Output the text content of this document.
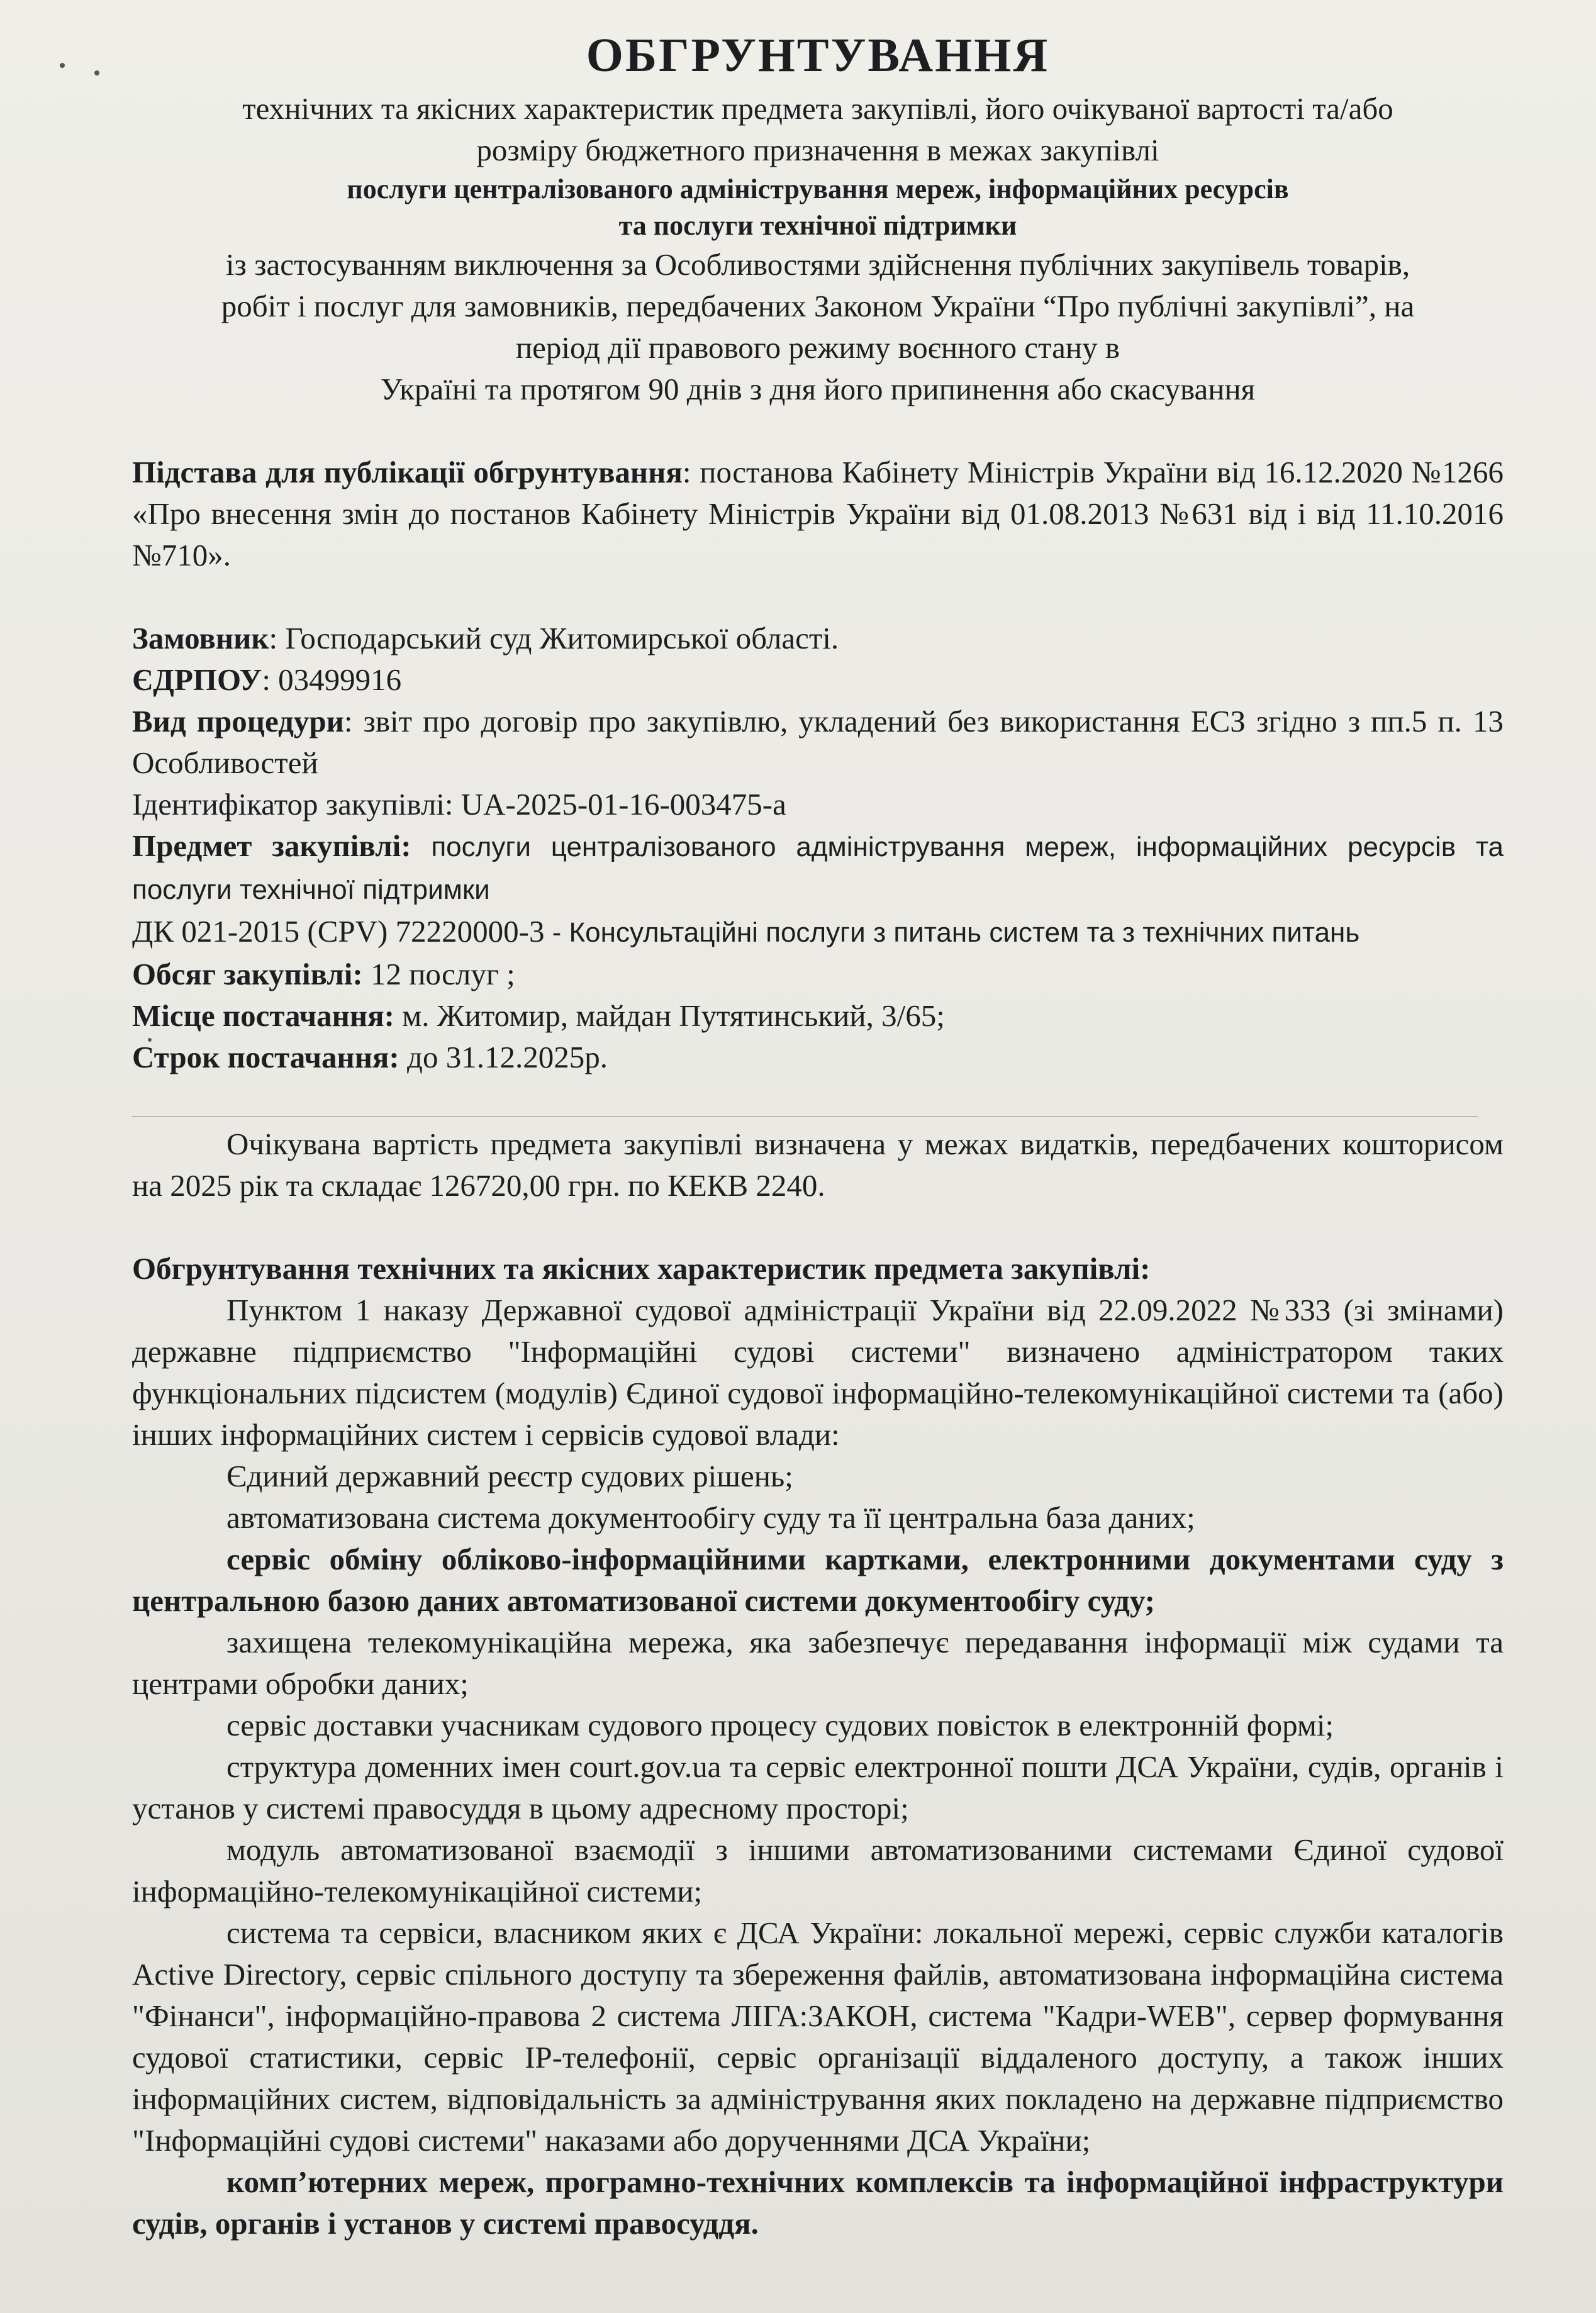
ОБГРУНТУВАННЯ

технічних та якісних характеристик предмета закупівлі, його очікуваної вартості та/або

розміру бюджетного призначення в межах закупівлі

послуги централізованого адміністрування мереж, інформаційних ресурсів

та послуги технічної підтримки

із застосуванням виключення за Особливостями здійснення публічних закупівель товарів,

робіт і послуг для замовників, передбачених Законом України “Про публічні закупівлі”, на

період дії правового режиму воєнного стану в

Україні та протягом 90 днів з дня його припинення або скасування

Підстава для публікації обгрунтування: постанова Кабінету Міністрів України від 16.12.2020 №1266 «Про внесення змін до постанов Кабінету Міністрів України від 01.08.2013 №631 від і від 11.10.2016 №710».

Замовник: Господарський суд Житомирської області.

ЄДРПОУ: 03499916

Вид процедури: звіт про договір про закупівлю, укладений без використання ЕСЗ згідно з пп.5 п. 13 Особливостей

Ідентифікатор закупівлі: UA-2025-01-16-003475-a

Предмет закупівлі: послуги централізованого адміністрування мереж, інформаційних ресурсів та послуги технічної підтримки

ДК 021-2015 (CPV) 72220000-3 - Консультаційні послуги з питань систем та з технічних питань

Обсяг закупівлі: 12 послуг ;

Місце постачання: м. Житомир, майдан Путятинський, 3/65;

Строк постачання: до 31.12.2025р.

Очікувана вартість предмета закупівлі визначена у межах видатків, передбачених кошторисом на 2025 рік та складає 126720,00 грн. по КЕКВ 2240.

Обгрунтування технічних та якісних характеристик предмета закупівлі:

Пунктом 1 наказу Державної судової адміністрації України від 22.09.2022 №333 (зі змінами) державне підприємство "Інформаційні судові системи" визначено адміністратором таких функціональних підсистем (модулів) Єдиної судової інформаційно-телекомунікаційної системи та (або) інших інформаційних систем і сервісів судової влади:

Єдиний державний реєстр судових рішень;

автоматизована система документообігу суду та її центральна база даних;

сервіс обміну обліково-інформаційними картками, електронними документами суду з центральною базою даних автоматизованої системи документообігу суду;

захищена телекомунікаційна мережа, яка забезпечує передавання інформації між судами та центрами обробки даних;

сервіс доставки учасникам судового процесу судових повісток в електронній формі;

структура доменних імен court.gov.ua та сервіс електронної пошти ДСА України, судів, органів і установ у системі правосуддя в цьому адресному просторі;

модуль автоматизованої взаємодії з іншими автоматизованими системами Єдиної судової інформаційно-телекомунікаційної системи;

система та сервіси, власником яких є ДСА України: локальної мережі, сервіс служби каталогів Active Directory, сервіс спільного доступу та збереження файлів, автоматизована інформаційна система "Фінанси", інформаційно-правова 2 система ЛІГА:ЗАКОН, система "Кадри-WEB", сервер формування судової статистики, сервіс IP-телефонії, сервіс організації віддаленого доступу, а також інших інформаційних систем, відповідальність за адміністрування яких покладено на державне підприємство "Інформаційні судові системи" наказами або дорученнями ДСА України;

комп’ютерних мереж, програмно-технічних комплексів та інформаційної інфраструктури судів, органів і установ у системі правосуддя.
